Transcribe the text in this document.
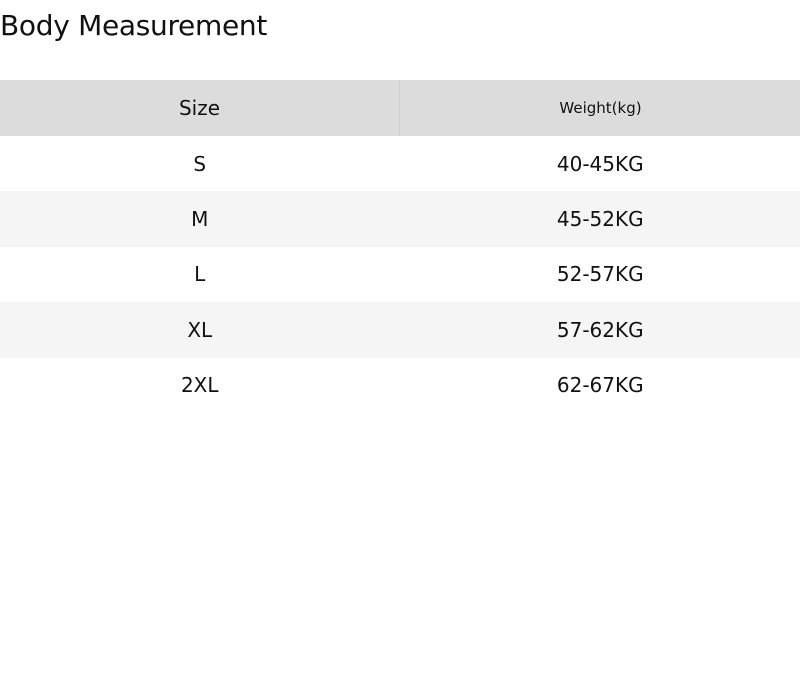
Body Measurement
Size	Weight(kg)
S	40-45KG
M	45-52KG
L	52-57KG
XL	57-62KG
2XL	62-67KG
